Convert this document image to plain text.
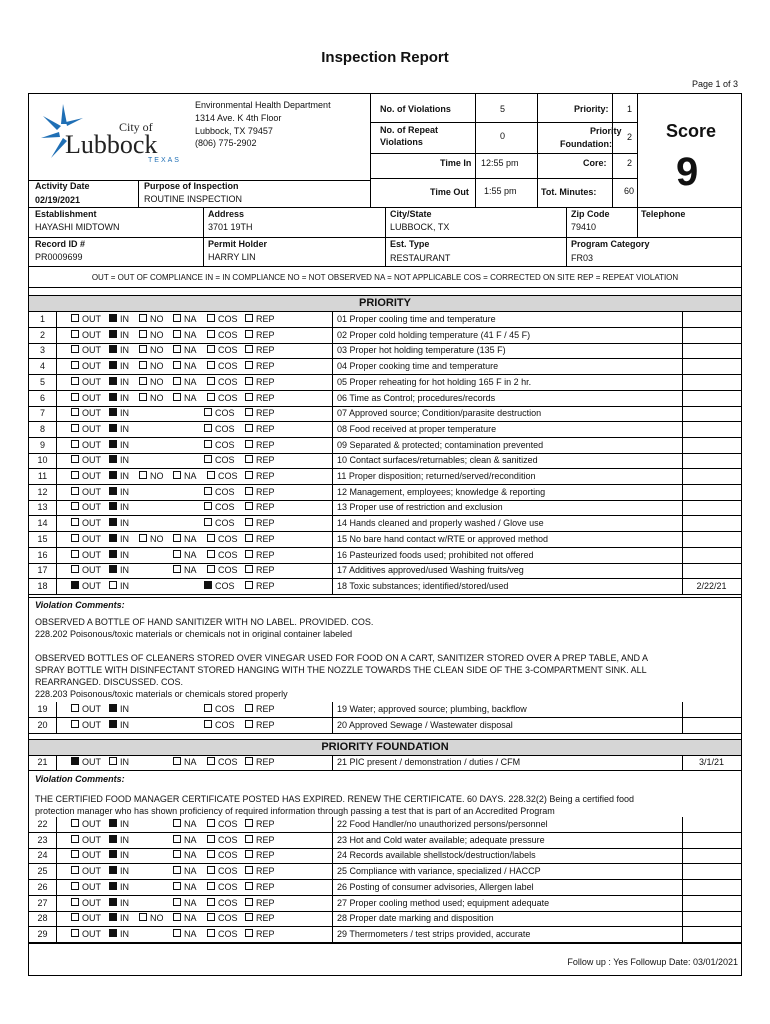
Inspection Report
Page 1 of 3
City of
Lubbock
TEXAS
Environmental Health Department
1314 Ave. K 4th Floor
Lubbock, TX 79457
(806) 775-2902
No. of Violations	5	Priority: 1
No. of Repeat
Violations
0	Priority
Foundation:
2
Time In 12:55 pm	Core: 2
Time Out 1:55 pm	Tot. Minutes:	60
Score
9
Activity Date
02/19/2021
Purpose of Inspection
ROUTINE INSPECTION
Establishment
HAYASHI MIDTOWN
Address
3701 19TH
City/State
LUBBOCK, TX
Zip Code
79410
Telephone
Record ID #
PR0009699
Permit Holder
HARRY LIN
Est. Type
RESTAURANT
Program Category
FR03
OUT = OUT OF COMPLIANCE IN = IN COMPLIANCE NO = NOT OBSERVED NA = NOT APPLICABLE COS = CORRECTED ON SITE REP = REPEAT VIOLATION
PRIORITY
1	OUT	IN	NO	NA	COS	REP	01 Proper cooling time and temperature
2	OUT	IN	NO	NA	COS	REP	02 Proper cold holding temperature (41 F / 45 F)
3	OUT	IN	NO	NA	COS	REP	03 Proper hot holding temperature (135 F)
4	OUT	IN	NO	NA	COS	REP	04 Proper cooking time and temperature
5	OUT	IN	NO	NA	COS	REP	05 Proper reheating for hot holding 165 F in 2 hr.
6	OUT	IN	NO	NA	COS	REP	06 Time as Control; procedures/records
7	OUT	IN	COS	REP	07 Approved source; Condition/parasite destruction
8	OUT	IN	COS	REP	08 Food received at proper temperature
9	OUT	IN	COS	REP	09 Separated & protected; contamination prevented
10	OUT	IN	COS	REP	10 Contact surfaces/returnables; clean & sanitized
11	OUT	IN	NO	NA	COS	REP	11 Proper disposition; returned/served/recondition
12	OUT	IN	COS	REP	12 Management, employees; knowledge & reporting
13	OUT	IN	COS	REP	13 Proper use of restriction and exclusion
14	OUT	IN	COS	REP	14 Hands cleaned and properly washed / Glove use
15	OUT	IN	NO	NA	COS	REP	15 No bare hand contact w/RTE or approved method
16	OUT	IN	NA	COS	REP	16 Pasteurized foods used; prohibited not offered
17	OUT	IN	NA	COS	REP	17 Additives approved/used Washing fruits/veg
18	OUT	IN	COS	REP	18 Toxic substances; identified/stored/used	2/22/21
Violation Comments:
OBSERVED A BOTTLE OF HAND SANITIZER WITH NO LABEL. PROVIDED. COS.
228.202 Poisonous/toxic materials or chemicals not in original container labeled
OBSERVED BOTTLES OF CLEANERS STORED OVER VINEGAR USED FOR FOOD ON A CART, SANITIZER STORED OVER A PREP TABLE, AND A
SPRAY BOTTLE WITH DISINFECTANT STORED HANGING WITH THE NOZZLE TOWARDS THE CLEAN SIDE OF THE 3-COMPARTMENT SINK. ALL
REARRANGED. DISCUSSED. COS.
228.203 Poisonous/toxic materials or chemicals stored properly
19	OUT	IN	COS	REP	19 Water; approved source; plumbing, backflow
20	OUT	IN	COS	REP	20 Approved Sewage / Wastewater disposal
PRIORITY FOUNDATION
21	OUT	IN	NA	COS	REP	21 PIC present / demonstration / duties / CFM	3/1/21
Violation Comments:
THE CERTIFIED FOOD MANAGER CERTIFICATE POSTED HAS EXPIRED. RENEW THE CERTIFICATE. 60 DAYS. 228.32(2) Being a certified food
protection manager who has shown proficiency of required information through passing a test that is part of an Accredited Program
22	OUT	IN	NA	COS	REP	22 Food Handler/no unauthorized persons/personnel
23	OUT	IN	NA	COS	REP	23 Hot and Cold water available; adequate pressure
24	OUT	IN	NA	COS	REP	24 Records available shellstock/destruction/labels
25	OUT	IN	NA	COS	REP	25 Compliance with variance, specialized / HACCP
26	OUT	IN	NA	COS	REP	26 Posting of consumer advisories, Allergen label
27	OUT	IN	NA	COS	REP	27 Proper cooling method used; equipment adequate
28	OUT	IN	NO	NA	COS	REP	28 Proper date marking and disposition
29	OUT	IN	NA	COS	REP	29 Thermometers / test strips provided, accurate
Follow up : Yes Followup Date: 03/01/2021
